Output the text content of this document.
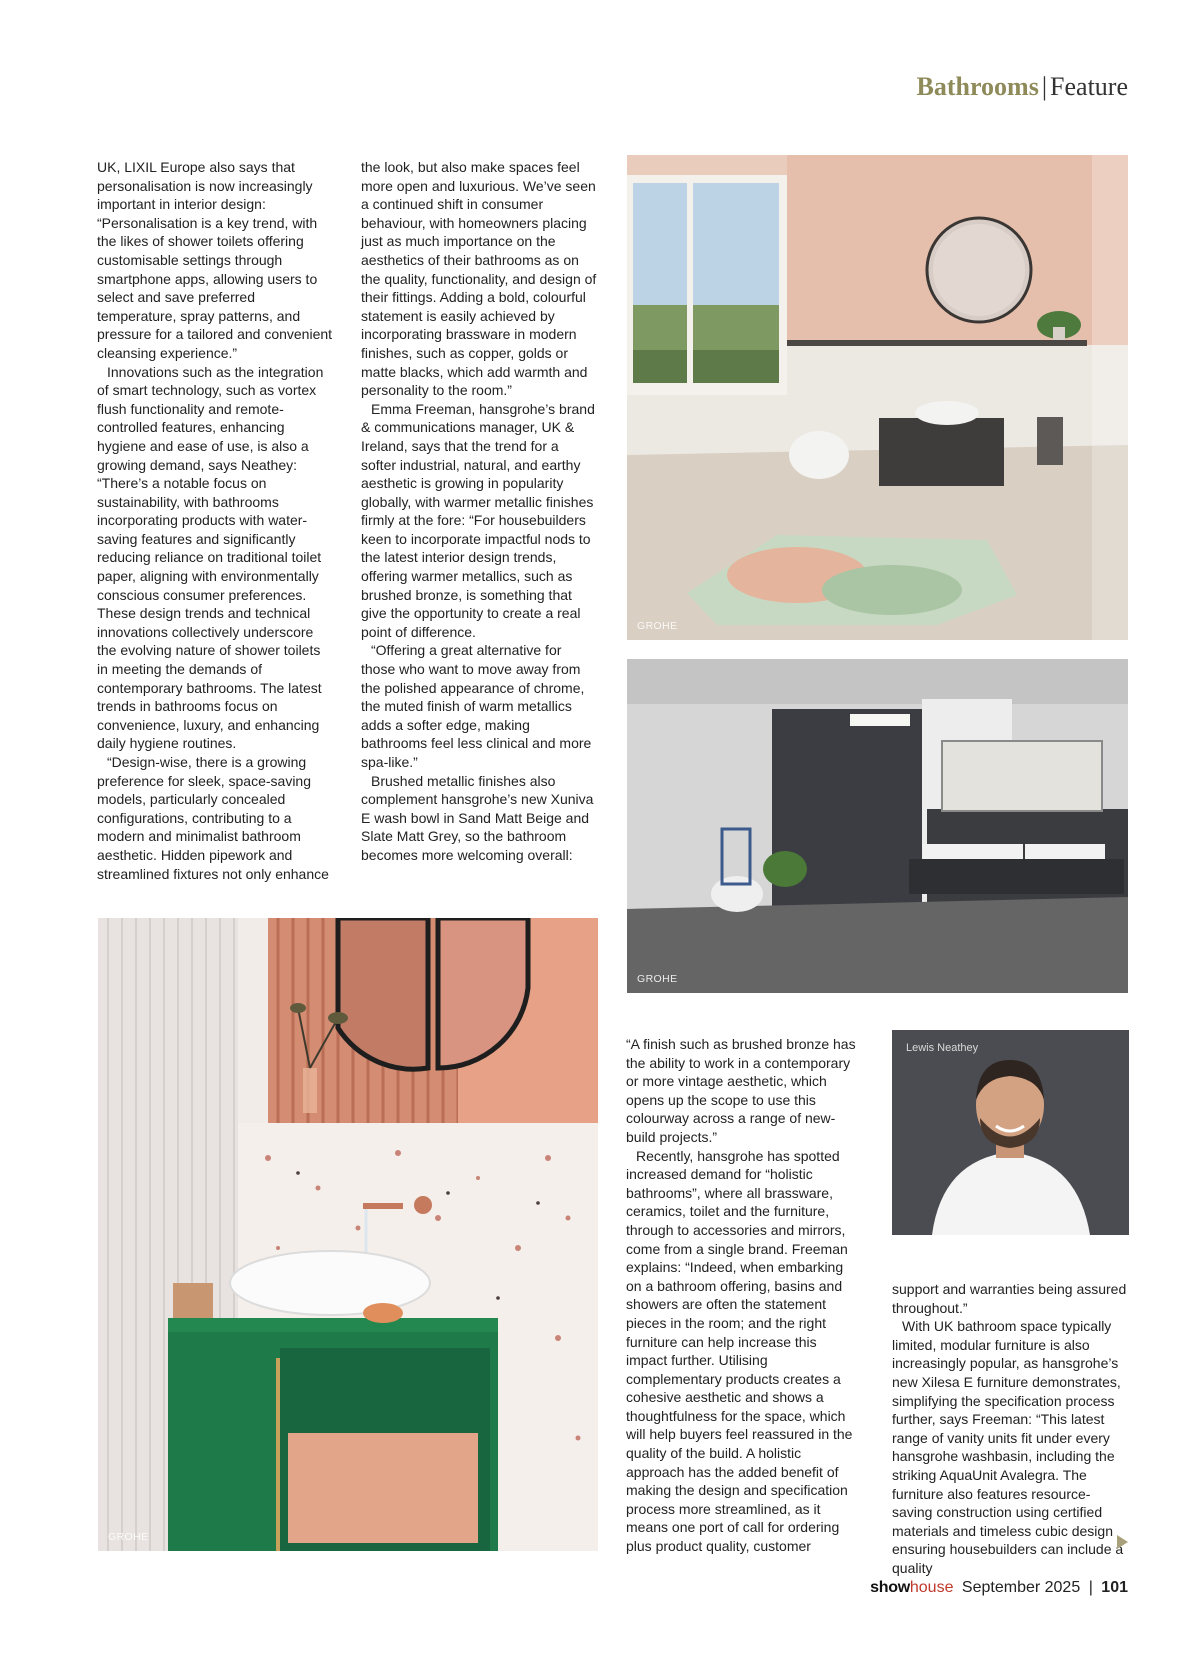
Bathrooms | Feature

UK, LIXIL Europe also says that personalisation is now increasingly important in interior design: “Personalisation is a key trend, with the likes of shower toilets offering customisable settings through smartphone apps, allowing users to select and save preferred temperature, spray patterns, and pressure for a tailored and convenient cleansing experience.”

Innovations such as the integration of smart technology, such as vortex flush functionality and remote-controlled features, enhancing hygiene and ease of use, is also a growing demand, says Neathey: “There’s a notable focus on sustainability, with bathrooms incorporating products with water-saving features and significantly reducing reliance on traditional toilet paper, aligning with environmentally conscious consumer preferences. These design trends and technical innovations collectively underscore the evolving nature of shower toilets in meeting the demands of contemporary bathrooms. The latest trends in bathrooms focus on convenience, luxury, and enhancing daily hygiene routines.

“Design-wise, there is a growing preference for sleek, space-saving models, particularly concealed configurations, contributing to a modern and minimalist bathroom aesthetic. Hidden pipework and streamlined fixtures not only enhance

the look, but also make spaces feel more open and luxurious. We’ve seen a continued shift in consumer behaviour, with homeowners placing just as much importance on the aesthetics of their bathrooms as on the quality, functionality, and design of their fittings. Adding a bold, colourful statement is easily achieved by incorporating brassware in modern finishes, such as copper, golds or matte blacks, which add warmth and personality to the room.”

Emma Freeman, hansgrohe’s brand & communications manager, UK & Ireland, says that the trend for a softer industrial, natural, and earthy aesthetic is growing in popularity globally, with warmer metallic finishes firmly at the fore: “For housebuilders keen to incorporate impactful nods to the latest interior design trends, offering warmer metallics, such as brushed bronze, is something that give the opportunity to create a real point of difference.

“Offering a great alternative for those who want to move away from the polished appearance of chrome, the muted finish of warm metallics adds a softer edge, making bathrooms feel less clinical and more spa-like.”

Brushed metallic finishes also complement hansgrohe’s new Xuniva E wash bowl in Sand Matt Beige and Slate Matt Grey, so the bathroom becomes more welcoming overall:

GROHE
GROHE
GROHE

“A finish such as brushed bronze has the ability to work in a contemporary or more vintage aesthetic, which opens up the scope to use this colourway across a range of new-build projects.”

Recently, hansgrohe has spotted increased demand for “holistic bathrooms”, where all brassware, ceramics, toilet and the furniture, through to accessories and mirrors, come from a single brand. Freeman explains: “Indeed, when embarking on a bathroom offering, basins and showers are often the statement pieces in the room; and the right furniture can help increase this impact further. Utilising complementary products creates a cohesive aesthetic and shows a thoughtfulness for the space, which will help buyers feel reassured in the quality of the build. A holistic approach has the added benefit of making the design and specification process more streamlined, as it means one port of call for ordering plus product quality, customer

Lewis Neathey

support and warranties being assured throughout.”

With UK bathroom space typically limited, modular furniture is also increasingly popular, as hansgrohe’s new Xilesa E furniture demonstrates, simplifying the specification process further, says Freeman: “This latest range of vanity units fit under every hansgrohe washbasin, including the striking AquaUnit Avalegra. The furniture also features resource-saving construction using certified materials and timeless cubic design ensuring housebuilders can include a quality

showhouse September 2025 | 101
